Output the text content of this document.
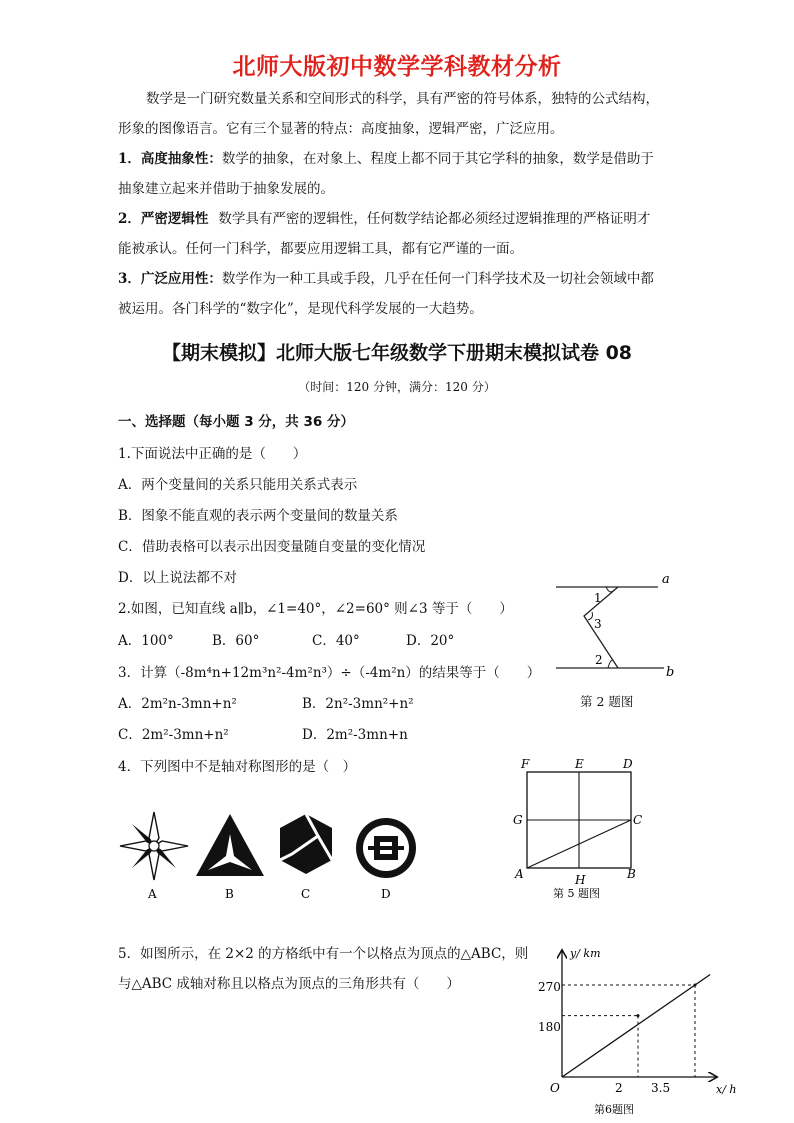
北师大版初中数学学科教材分析
数学是一门研究数量关系和空间形式的科学，具有严密的符号体系，独特的公式结构，
形象的图像语言。它有三个显著的特点：高度抽象，逻辑严密，广泛应用。
1．高度抽象性：数学的抽象，在对象上、程度上都不同于其它学科的抽象，数学是借助于
抽象建立起来并借助于抽象发展的。
2．严密逻辑性 数学具有严密的逻辑性，任何数学结论都必须经过逻辑推理的严格证明才
能被承认。任何一门科学，都要应用逻辑工具，都有它严谨的一面。
3．广泛应用性：数学作为一种工具或手段，几乎在任何一门科学技术及一切社会领域中都
被运用。各门科学的“数字化”，是现代科学发展的一大趋势。
【期末模拟】北师大版七年级数学下册期末模拟试卷 08
（时间：120 分钟，满分：120 分）
一、选择题（每小题 3 分，共 36 分）
1.下面说法中正确的是（　　）
A．两个变量间的关系只能用关系式表示
B．图象不能直观的表示两个变量间的数量关系
C．借助表格可以表示出因变量随自变量的变化情况
D．以上说法都不对
2.如图，已知直线 a∥b，∠1=40°，∠2=60° 则∠3 等于（　　）
A．100°	B．60°	C．40°	D．20°
a
b
1
3
2
第 2 题图
3．计算（-8m⁴n+12m³n²-4m²n³）÷（-4m²n）的结果等于（　　）
A．2m²n-3mn+n²	B．2n²-3mn²+n²
C．2m²-3mn+n²	D．2m²-3mn+n
4．下列图中不是轴对称图形的是（　）
A	B	C	D
F	E	D
G	C
A	H	B
第 5 题图
5．如图所示，在 2×2 的方格纸中有一个以格点为顶点的△ABC，则
与△ABC 成轴对称且以格点为顶点的三角形共有（　　）
y/ km
x/ h
O
270
180
2 3.5
第6题图
